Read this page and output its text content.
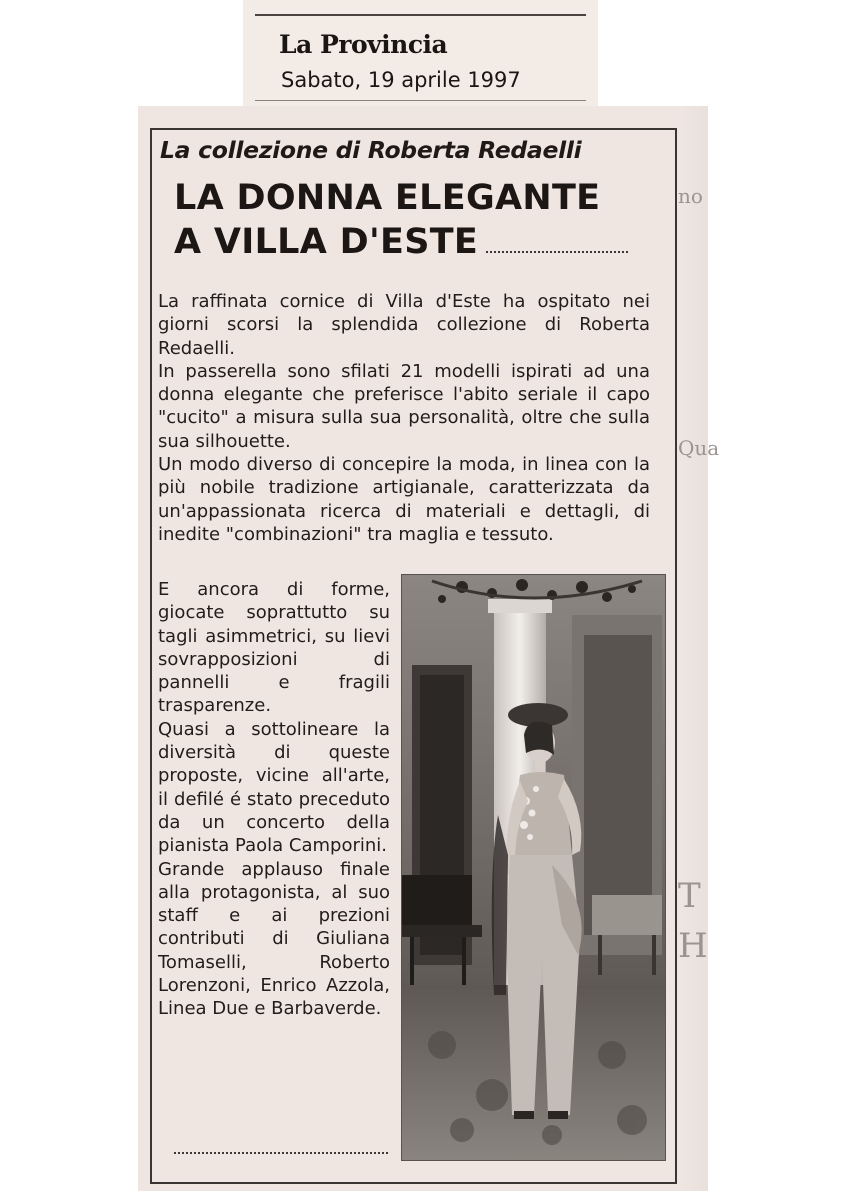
La Provincia
Sabato, 19 aprile 1997
no
Qua
T
H
La collezione di Roberta Redaelli
LA DONNA ELEGANTE
A VILLA D'ESTE

La raffinata cornice di Villa d'Este ha ospitato nei giorni scorsi la splendida collezione di Roberta Redaelli.

In passerella sono sfilati 21 modelli ispirati ad una donna elegante che preferisce l'abito seriale il capo "cucito" a misura sulla sua personalità, oltre che sulla sua silhouette.

Un modo diverso di concepire la moda, in linea con la più nobile tradizione artigianale, caratterizzata da un'appassionata ricerca di materiali e dettagli, di inedite "combinazioni" tra maglia e tessuto.

E ancora di forme, giocate soprattutto su tagli asimmetrici, su lievi sovrapposizioni di pannelli e fragili trasparenze.

Quasi a sottolineare la diversità di queste proposte, vicine all'arte, il defilé é stato preceduto da un concerto della pianista Paola Camporini.

Grande applauso finale alla protagonista, al suo staff e ai prezioni contributi di Giuliana Tomaselli, Roberto Lorenzoni, Enrico Azzola, Linea Due e Barbaverde.
